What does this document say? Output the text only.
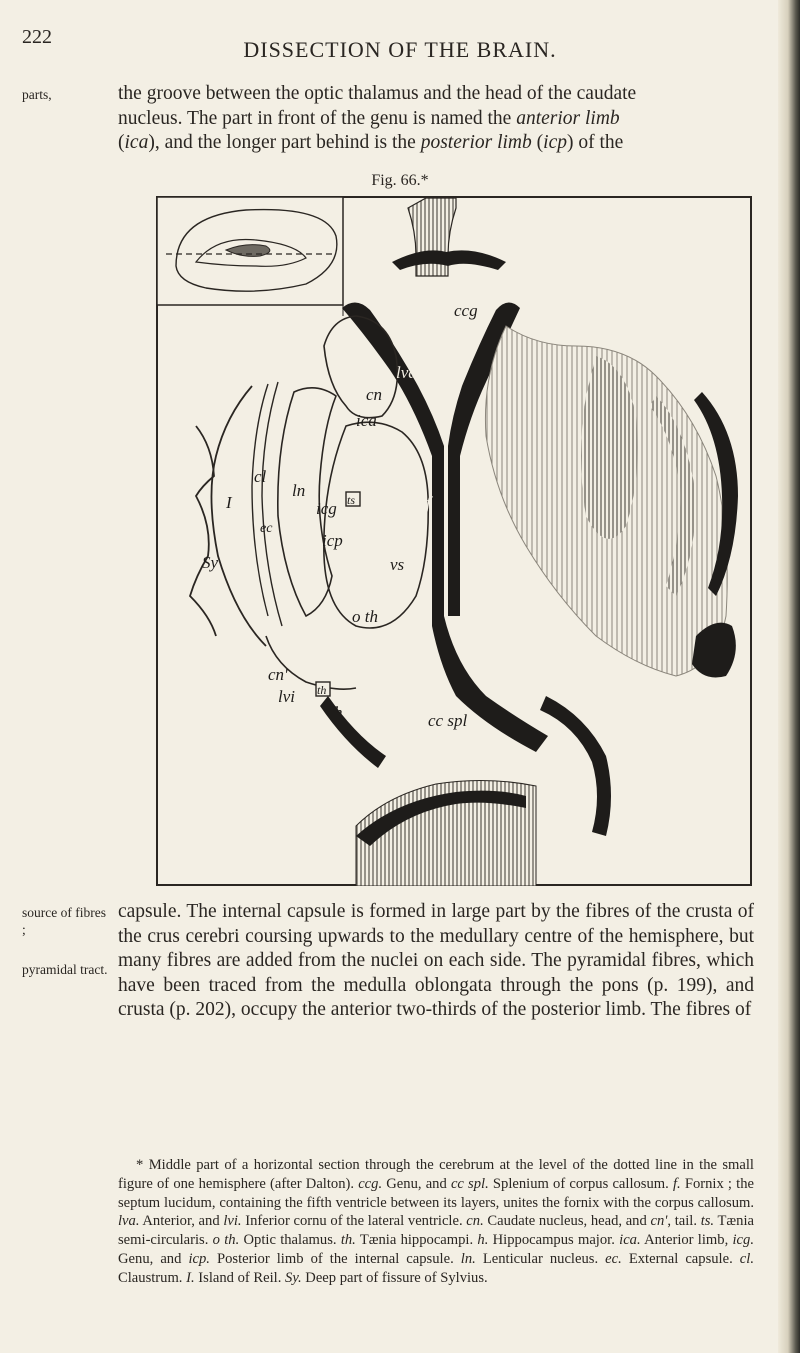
222	DISSECTION OF THE BRAIN.
parts,	the groove between the optic thalamus and the head of the caudate

nucleus. The part in front of the genu is named the anterior limb

(ica), and the longer part behind is the posterior limb (icp) of the

Fig. 66.*
ccg
lva
cn
ica
cl
I
ln
icg ts	f
ec
icp
Sy	vs
o th
cn'
th
cc spl
lvi
h
source of fibres ;
pyramidal tract.

capsule. The internal capsule is formed in large part by the fibres of the crusta of the crus cerebri coursing upwards to the medullary centre of the hemisphere, but many fibres are added from the nuclei on each side. The pyramidal fibres, which have been traced from the medulla oblongata through the pons (p. 199), and crusta (p. 202), occupy the anterior two-thirds of the posterior limb. The fibres of

* Middle part of a horizontal section through the cerebrum at the level of the dotted line in the small figure of one hemisphere (after Dalton). ccg. Genu, and cc spl. Splenium of corpus callosum. f. Fornix ; the septum lucidum, containing the fifth ventricle between its layers, unites the fornix with the corpus callosum. lva. Anterior, and lvi. Inferior cornu of the lateral ventricle. cn. Caudate nucleus, head, and cn', tail. ts. Tænia semi-circularis. o th. Optic thalamus. th. Tænia hippocampi. h. Hippocampus major. ica. Anterior limb, icg. Genu, and icp. Posterior limb of the internal capsule. ln. Lenticular nucleus. ec. External capsule. cl. Claustrum. I. Island of Reil. Sy. Deep part of fissure of Sylvius.
